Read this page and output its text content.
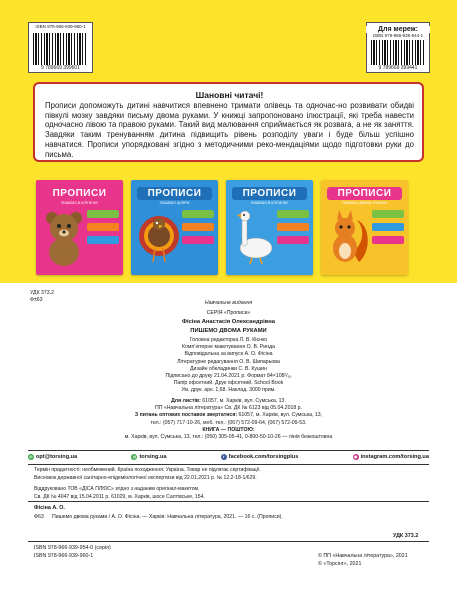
ISBN 978-966-939-960-1
9 789669 399601
ISBN 978-966-939-944-1
9 789669 399441
Для мереж:
Шановні читачі!
Прописи допоможуть дитині навчитися впевнено тримати олівець та одночас-но розвивати обидві півкулі мозку завдяки письму двома руками. У книжці запропоновано ілюстрації, які треба навести одночасно лівою та правою руками. Такий вид малювання сприймається як розвага, а не як заняття. Завдяки таким тренуванням дитина підвищить рівень розподілу уваги і буде більш успішно навчатися. Прописи упорядковані згідно з методичними реко-мендаціями щодо підготовки руки до письма.
ПРОПИСИ
ПИШЕМО В КЛІТИНКУ
ПРОПИСИ
ПИШЕМО ЦИФРИ
ПРОПИСИ
ПИШЕМО В КЛІТИНКУ
ПРОПИСИ
ПИШЕМО ДВОМА РУКАМИ
УДК 373.2
Ф±63	Навчальне видання
СЕРІЯ «Прописи»
Фісіна Анастасія Олександрівна
ПИШЕМО ДВОМА РУКАМИ
Головна редакторка Л. В. Кієнко
Комп’ютерне макетування О. В. Ринда
Відповідальна за випуск А. О. Фісіна
Літературне редагування О. В. Шипарьова
Дизайн обкладинки С. В. Кушин
Підписано до друку 21.04.2021 р. Формат 84×108¹/₁₆
Папір офсетний. Друк офсетний. School Book
Ум. друк. арк. 1,68. Наклад. 3000 прим.
Для листів: 61057, м. Харків, вул. Сумська, 13.
ПП «Навчальна література» Св. ДК № 6123 від 05.04.2018 р.
З питань оптових поставок звертатися: 61057, м. Харків, вул. Сумська, 13,
тел.: (057) 717-10-26, моб. тел.: (067) 572-09-64, (067) 572-09-53.
КНИГА — ПОШТОЮ:
м. Харків, вул. Сумська, 13, тел.: (050) 305-05-41, 0-800-50-10-26 — лінія безкоштовна
@ opt@torsing.ua	◎ torsing.ua	f facebook.com/torsingplus	◉ instagram.com/torsing.ua
Термін придатності: необмежений. Країна походження: Україна. Товар не підлягає сертифікації.
Висновок державної санітарно-епідеміологічної експертизи від 22.01.2021 р. № 12.2-18-1/629.
Віддруковано ТОВ «ДІСА ПЛЮС» згідно з наданим оригінал-макетом.
Св. ДК № 4047 від 15.04.2011 р. 61029, м. Харків, шосе Салтівське, 154.
Фісіна А. О.
Ф63 Пишемо двома руками / А. О. Фісіна. — Харків: Навчальна література, 2021. — 16 с. (Прописи).
УДК 373.2
ISBN 978-966-939-954-0 (серія)
ISBN 978-966-939-960-1	© ПП «Навчальна література», 2021
© «Торсінг», 2021
